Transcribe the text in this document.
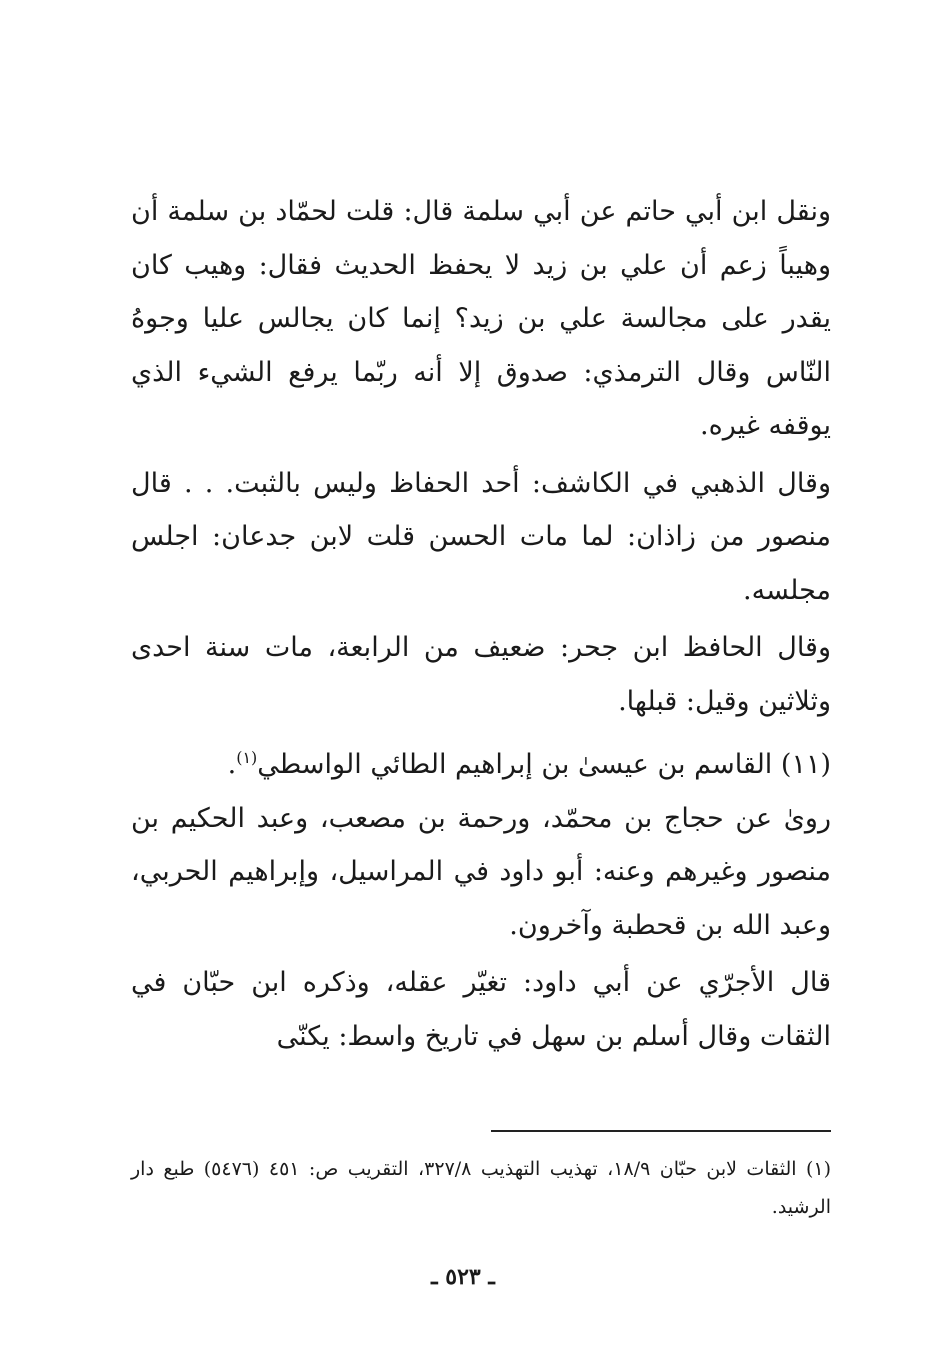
ونقل ابن أبي حاتم عن أبي سلمة قال: قلت لحمّاد بن سلمة أن وهيباً زعم أن علي بن زيد لا يحفظ الحديث فقال: وهيب كان يقدر على مجالسة علي بن زيد؟ إنما كان يجالس عليا وجوهُ النّاس وقال الترمذي: صدوق إلا أنه ربّما يرفع الشيء الذي يوقفه غيره.

وقال الذهبي في الكاشف: أحد الحفاظ وليس بالثبت. . . قال منصور من زاذان: لما مات الحسن قلت لابن جدعان: اجلس مجلسه.

وقال الحافظ ابن جحر: ضعيف من الرابعة، مات سنة احدى وثلاثين وقيل: قبلها.

(١١) القاسم بن عيسىٰ بن إبراهيم الطائي الواسطي$^{(١)}$.

رویٰ عن حجاج بن محمّد، ورحمة بن مصعب، وعبد الحكيم بن منصور وغيرهم وعنه: أبو داود في المراسيل، وإبراهيم الحربي، وعبد الله بن قحطبة وآخرون.

قال الأجرّي عن أبي داود: تغيّر عقله، وذكره ابن حبّان في الثقات وقال أسلم بن سهل في تاريخ واسط: يكنّى

(١) الثقات لابن حبّان ١٨/٩، تهذيب التهذيب ٣٢٧/٨، التقريب ص: ٤٥١ (٥٤٧٦) طبع دار الرشيد.

ـ ٥٢٣ ـ
